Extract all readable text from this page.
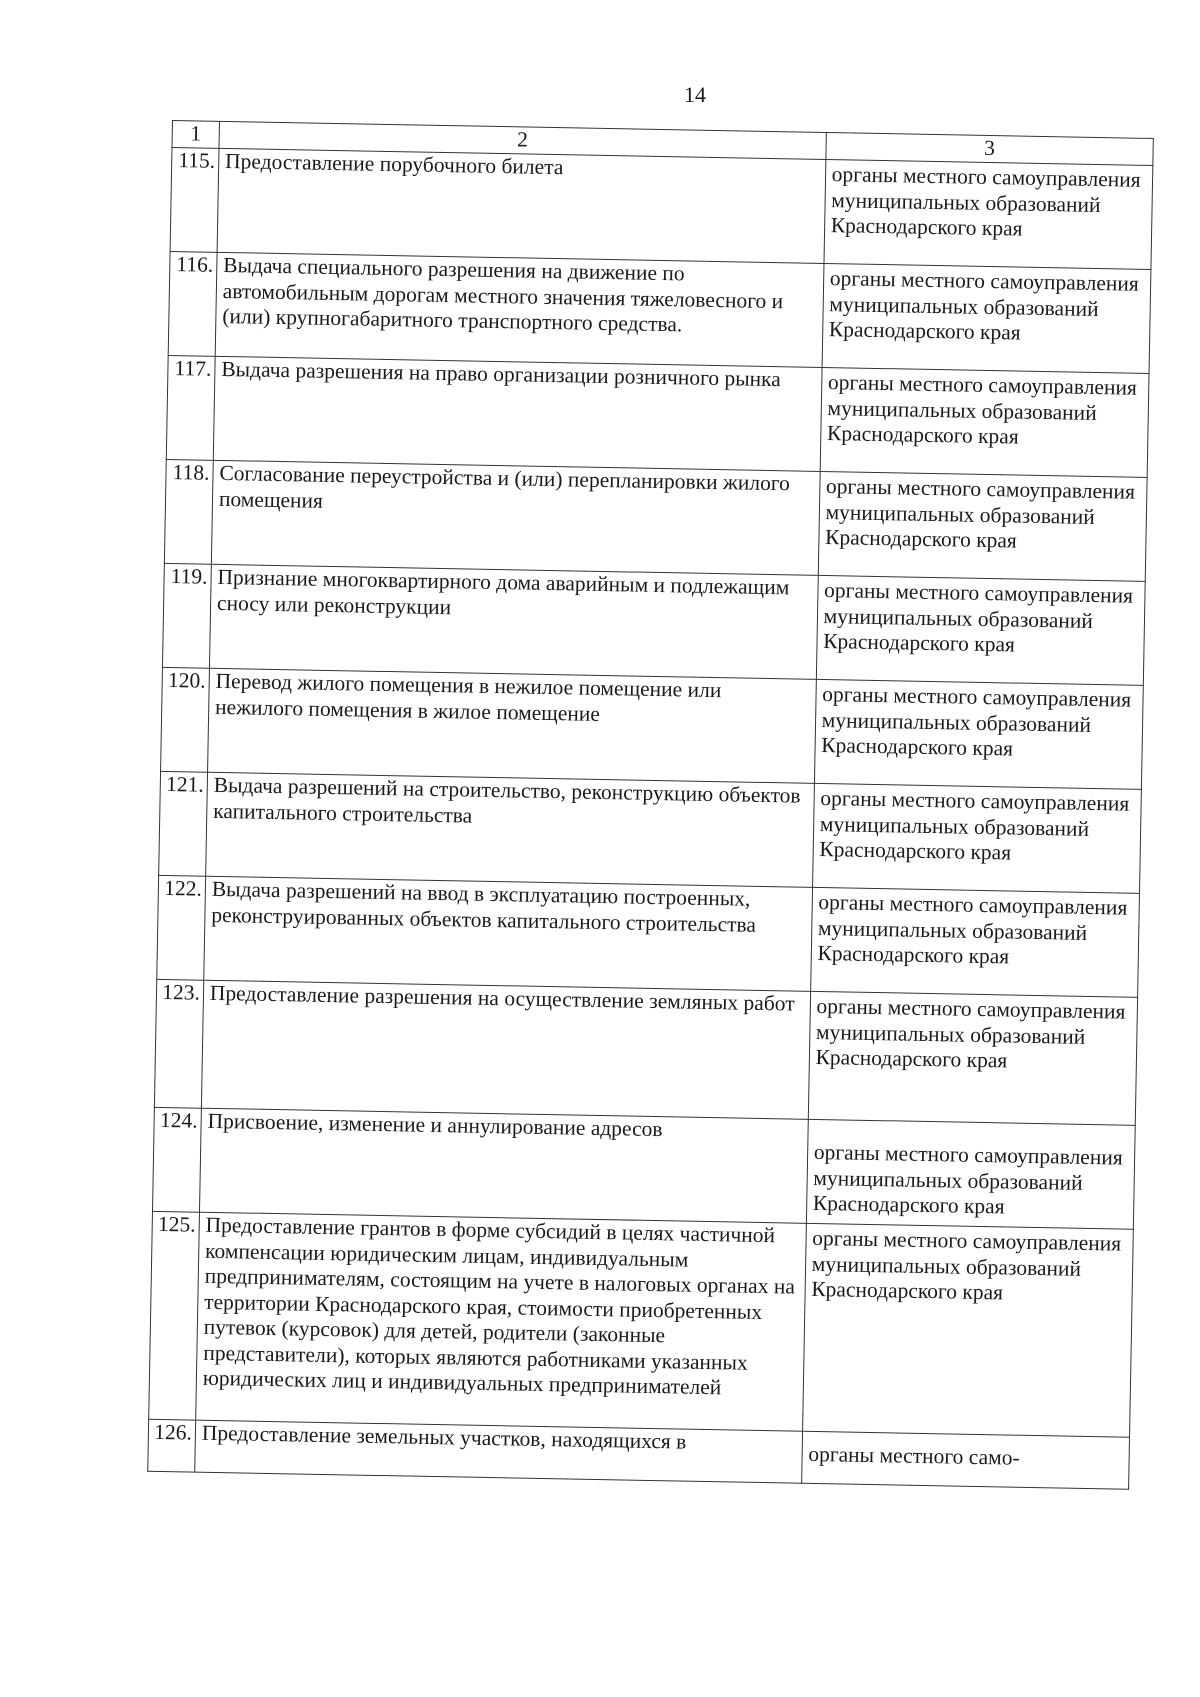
14
1	2	3
115.	Предоставление порубочного билета	органы местного самоуправления муниципальных образований Краснодарского края
116.	Выдача специального разрешения на движение по автомобильным дорогам местного значения тяжеловесного и (или) крупногабаритного транспортного средства.	органы местного самоуправления муниципальных образований Краснодарского края
117.	Выдача разрешения на право организации розничного рынка	органы местного самоуправления муниципальных образований Краснодарского края
118.	Согласование переустройства и (или) перепланировки жилого помещения	органы местного самоуправления муниципальных образований Краснодарского края
119.	Признание многоквартирного дома аварийным и подлежащим сносу или реконструкции	органы местного самоуправления муниципальных образований Краснодарского края
120.	Перевод жилого помещения в нежилое помещение или нежилого помещения в жилое помещение	органы местного самоуправления муниципальных образований Краснодарского края
121.	Выдача разрешений на строительство, реконструкцию объектов капитального строительства	органы местного самоуправления муниципальных образований Краснодарского края
122.	Выдача разрешений на ввод в эксплуатацию построенных, реконструированных объектов капитального строительства	органы местного самоуправления муниципальных образований Краснодарского края
123.	Предоставление разрешения на осуществление земляных работ	органы местного самоуправления муниципальных образований Краснодарского края
124.	Присвоение, изменение и аннулирование адресов	органы местного самоуправления муниципальных образований Краснодарского края
125.	Предоставление грантов в форме субсидий в целях частичной компенсации юридическим лицам, индивидуальным предпринимателям, состоящим на учете в налоговых органах на территории Краснодарского края, стоимости приобретенных путевок (курсовок) для детей, родители (законные представители), которых являются работниками указанных юридических лиц и индивидуальных предпринимателей	органы местного самоуправления муниципальных образований Краснодарского края
126.	Предоставление земельных участков, находящихся в	органы местного само-
